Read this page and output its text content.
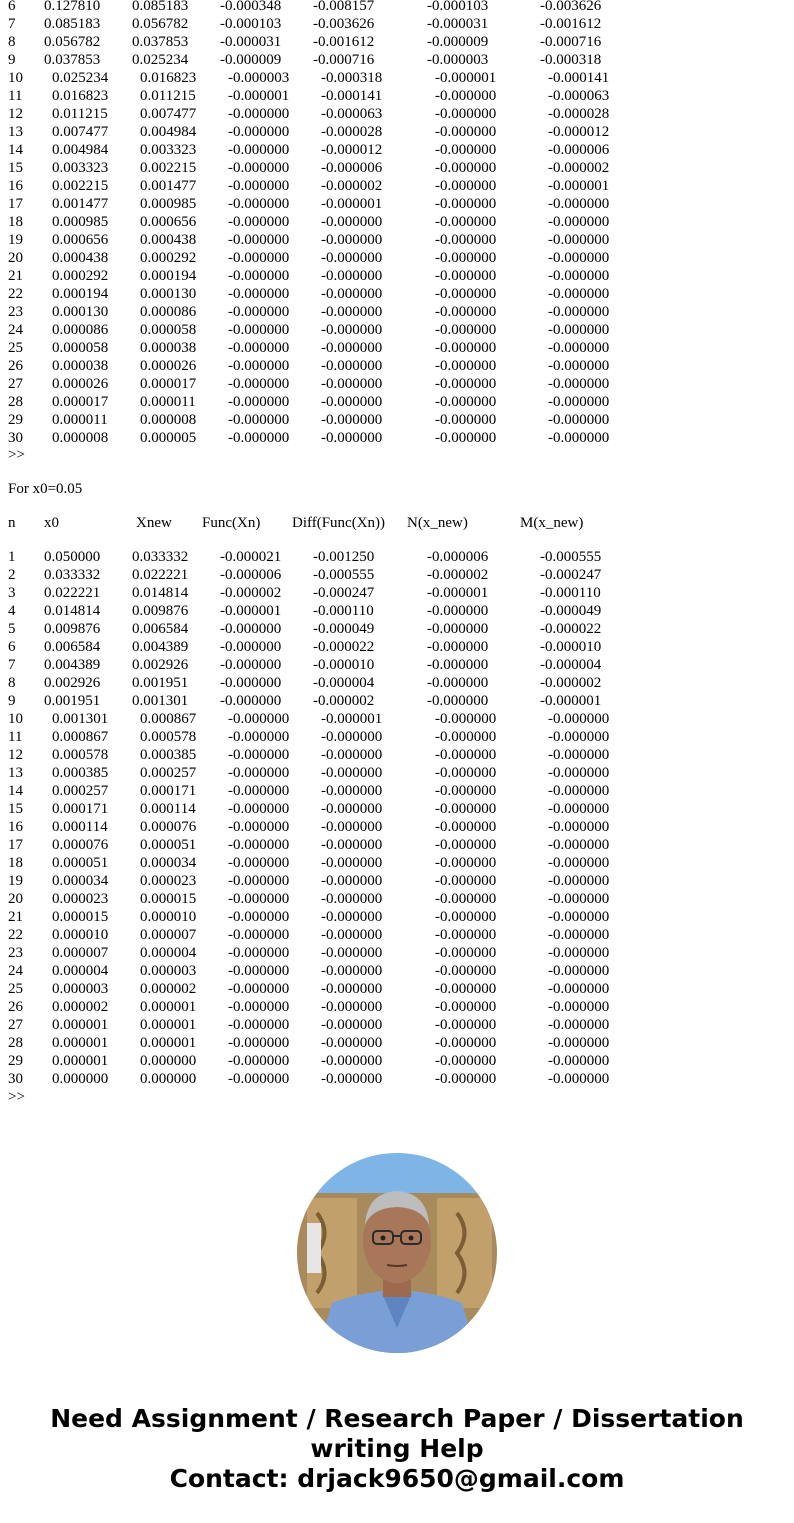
6 0.127810 0.085183 -0.000348 -0.008157	-0.000103	-0.003626
7 0.085183 0.056782 -0.000103 -0.003626	-0.000031	-0.001612
8 0.056782 0.037853 -0.000031 -0.001612	-0.000009	-0.000716
9 0.037853 0.025234 -0.000009 -0.000716	-0.000003	-0.000318
10 0.025234 0.016823 -0.000003 -0.000318	-0.000001	-0.000141
11 0.016823 0.011215 -0.000001 -0.000141	-0.000000	-0.000063
12 0.011215 0.007477 -0.000000 -0.000063	-0.000000	-0.000028
13 0.007477 0.004984 -0.000000 -0.000028	-0.000000	-0.000012
14 0.004984 0.003323 -0.000000 -0.000012	-0.000000	-0.000006
15 0.003323 0.002215 -0.000000 -0.000006	-0.000000	-0.000002
16 0.002215 0.001477 -0.000000 -0.000002	-0.000000	-0.000001
17 0.001477 0.000985 -0.000000 -0.000001	-0.000000	-0.000000
18 0.000985 0.000656 -0.000000 -0.000000	-0.000000	-0.000000
19 0.000656 0.000438 -0.000000 -0.000000	-0.000000	-0.000000
20 0.000438 0.000292 -0.000000 -0.000000	-0.000000	-0.000000
21 0.000292 0.000194 -0.000000 -0.000000	-0.000000	-0.000000
22 0.000194 0.000130 -0.000000 -0.000000	-0.000000	-0.000000
23 0.000130 0.000086 -0.000000 -0.000000	-0.000000	-0.000000
24 0.000086 0.000058 -0.000000 -0.000000	-0.000000	-0.000000
25 0.000058 0.000038 -0.000000 -0.000000	-0.000000	-0.000000
26 0.000038 0.000026 -0.000000 -0.000000	-0.000000	-0.000000
27 0.000026 0.000017 -0.000000 -0.000000	-0.000000	-0.000000
28 0.000017 0.000011 -0.000000 -0.000000	-0.000000	-0.000000
29 0.000011 0.000008 -0.000000 -0.000000	-0.000000	-0.000000
30 0.000008 0.000005 -0.000000 -0.000000	-0.000000	-0.000000
>>
For x0=0.05
n x0	Xnew Func(Xn) Diff(Func(Xn)) N(x_new)	M(x_new)
1 0.050000 0.033332 -0.000021 -0.001250	-0.000006	-0.000555
2 0.033332 0.022221 -0.000006 -0.000555	-0.000002	-0.000247
3 0.022221 0.014814 -0.000002 -0.000247	-0.000001	-0.000110
4 0.014814 0.009876 -0.000001 -0.000110	-0.000000	-0.000049
5 0.009876 0.006584 -0.000000 -0.000049	-0.000000	-0.000022
6 0.006584 0.004389 -0.000000 -0.000022	-0.000000	-0.000010
7 0.004389 0.002926 -0.000000 -0.000010	-0.000000	-0.000004
8 0.002926 0.001951 -0.000000 -0.000004	-0.000000	-0.000002
9 0.001951 0.001301 -0.000000 -0.000002	-0.000000	-0.000001
10 0.001301 0.000867 -0.000000 -0.000001	-0.000000	-0.000000
11 0.000867 0.000578 -0.000000 -0.000000	-0.000000	-0.000000
12 0.000578 0.000385 -0.000000 -0.000000	-0.000000	-0.000000
13 0.000385 0.000257 -0.000000 -0.000000	-0.000000	-0.000000
14 0.000257 0.000171 -0.000000 -0.000000	-0.000000	-0.000000
15 0.000171 0.000114 -0.000000 -0.000000	-0.000000	-0.000000
16 0.000114 0.000076 -0.000000 -0.000000	-0.000000	-0.000000
17 0.000076 0.000051 -0.000000 -0.000000	-0.000000	-0.000000
18 0.000051 0.000034 -0.000000 -0.000000	-0.000000	-0.000000
19 0.000034 0.000023 -0.000000 -0.000000	-0.000000	-0.000000
20 0.000023 0.000015 -0.000000 -0.000000	-0.000000	-0.000000
21 0.000015 0.000010 -0.000000 -0.000000	-0.000000	-0.000000
22 0.000010 0.000007 -0.000000 -0.000000	-0.000000	-0.000000
23 0.000007 0.000004 -0.000000 -0.000000	-0.000000	-0.000000
24 0.000004 0.000003 -0.000000 -0.000000	-0.000000	-0.000000
25 0.000003 0.000002 -0.000000 -0.000000	-0.000000	-0.000000
26 0.000002 0.000001 -0.000000 -0.000000	-0.000000	-0.000000
27 0.000001 0.000001 -0.000000 -0.000000	-0.000000	-0.000000
28 0.000001 0.000001 -0.000000 -0.000000	-0.000000	-0.000000
29 0.000001 0.000000 -0.000000 -0.000000	-0.000000	-0.000000
30 0.000000 0.000000 -0.000000 -0.000000	-0.000000	-0.000000
>>
Need Assignment / Research Paper / Dissertation
writing Help
Contact: drjack9650@gmail.com
